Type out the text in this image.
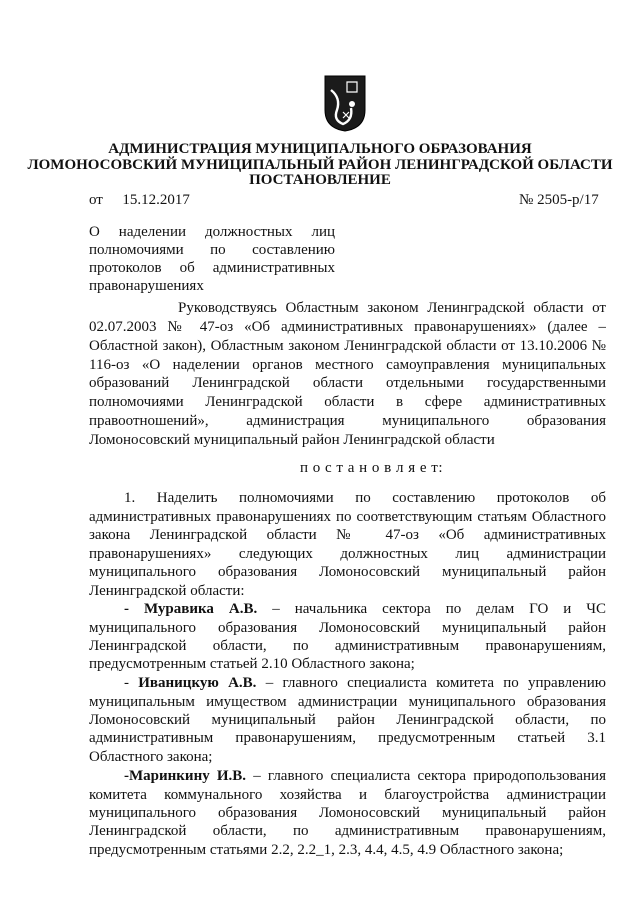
АДМИНИСТРАЦИЯ МУНИЦИПАЛЬНОГО ОБРАЗОВАНИЯ
ЛОМОНОСОВСКИЙ МУНИЦИПАЛЬНЫЙ РАЙОН ЛЕНИНГРАДСКОЙ ОБЛАСТИ
ПОСТАНОВЛЕНИЕ
от 15.12.2017	№ 2505-р/17
О наделении должностных лиц
полномочиями по составлению
протоколов об административных
правонарушениях
Руководствуясь Областным законом Ленинградской области от
02.07.2003 № 47-оз «Об административных правонарушениях» (далее –
Областной закон), Областным законом Ленинградской области от 13.10.2006 №
116-оз «О наделении органов местного самоуправления муниципальных
образований Ленинградской области отдельными государственными
полномочиями Ленинградской области в сфере административных
правоотношений», администрация муниципального образования
Ломоносовский муниципальный район Ленинградской области
п о с т а н о в л я е т:
1. Наделить полномочиями по составлению протоколов об
административных правонарушениях по соответствующим статьям Областного
закона Ленинградской области № 47-оз «Об административных
правонарушениях» следующих должностных лиц администрации
муниципального образования Ломоносовский муниципальный район
Ленинградской области:
- Муравика А.В. – начальника сектора по делам ГО и ЧС
муниципального образования Ломоносовский муниципальный район
Ленинградской области, по административным правонарушениям,
предусмотренным статьей 2.10 Областного закона;
- Иваницкую А.В. – главного специалиста комитета по управлению
муниципальным имуществом администрации муниципального образования
Ломоносовский муниципальный район Ленинградской области, по
административным правонарушениям, предусмотренным статьей 3.1
Областного закона;
-Маринкину И.В. – главного специалиста сектора природопользования
комитета коммунального хозяйства и благоустройства администрации
муниципального образования Ломоносовский муниципальный район
Ленинградской области, по административным правонарушениям,
предусмотренным статьями 2.2, 2.2_1, 2.3, 4.4, 4.5, 4.9 Областного закона;
